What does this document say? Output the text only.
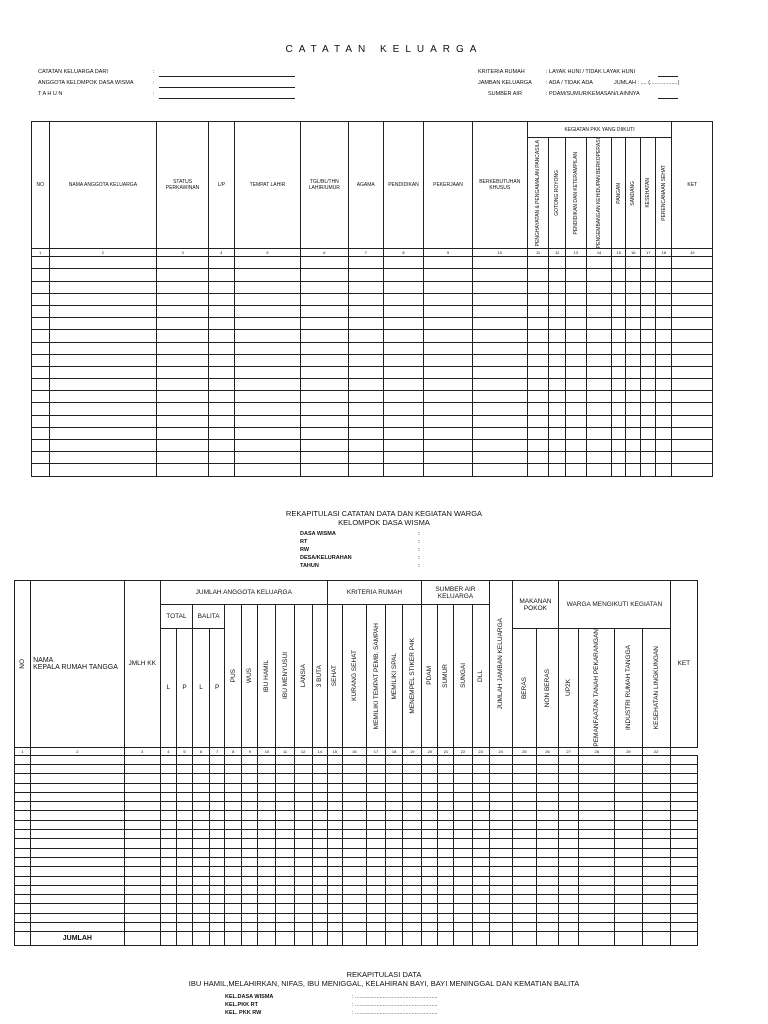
CATATAN KELUARGA
CATATAN KELUARGA DARI	:
ANGGOTA KELOMPOK DASA WISMA	:
T A H U N	:
KRITERIA RUMAH	: LAYAK HUNI / TIDAK LAYAK HUNI
JAMBAN KELUARGA	: ADA / TIDAK ADA	JUMLAH : .... (..................)
SUMBER AIR	: PDAM/SUMUR/KEMASAN/LAINNYA
NO	NAMA ANGGOTA KELUARGA	STATUS PERKAWINAN	L/P	TEMPAT LAHIR	TGL/BL/THN LAHIR/UMUR	AGAMA	PENDIDIKAN	PEKERJAAN	BERKEBUTUHAN KHUSUS	KEGIATAN PKK YANG DIIKUTI								KET

										PENGHAYATAN & PENGAMALAN PANCASILA	GOTONG ROYONG	PENDIDIKAN DAN KETERAMPILAN	PENGEMBANGAN KEHIDUPAN BERKOPERASI	PANGAN	SANDANG	KESEHATAN	PERENCANAAN SEHAT	

1	2	3	4	5	6	7	8	9	10	11	12	13	14	15	16	17	18	19

REKAPITULASI CATATAN DATA DAN KEGIATAN WARGA
KELOMPOK DASA WISMA
DASA WISMA	:
RT	:
RW	:
DESA/KELURAHAN	:
TAHUN	:
NO	NAMA
KEPALA RUMAH TANGGA	JMLH KK	JUMLAH ANGGOTA KELUARGA										KRITERIA RUMAH					SUMBER AIR KELUARGA				JUMLAH JAMBAN KELUARGA	MAKANAN POKOK		WARGA MENGIKUTI KEGIATAN				KET
			TOTAL		BALITA		PUS	WUS	IBU HAMIL	IBU MENYUSUI	LANSIA	3 BUTA	SEHAT	KURANG SEHAT	MEMILIKI TEMPAT PEMB. SAMPAH	MEMILIKI SPAL	MENEMPEL STIKER P4K	PDAM	SUMUR	SUNGAI	DLL								

			L	P	L	P																	BERAS	NON BERAS	UP2K	PEMANFAATAN TANAH PEKARANGAN	INDUSTRI RUMAH TANGGA	KESEHATAN LINGKUNGAN	

1	2	3	4	5	6	7	8	9	10	11	12	14	15	16	17	18	19	20	21	22	23	24	25	26	27	28	29	22	

	JUMLAH																												
REKAPITULASI DATA
IBU HAMIL,MELAHIRKAN, NIFAS, IBU MENIGGAL, KELAHIRAN BAYI, BAYI MENINGGAL DAN KEMATIAN BALITA
KEL.DASA WISMA	: ......................................................
KEL.PKK RT	: ......................................................
KEL. PKK RW	: ......................................................
